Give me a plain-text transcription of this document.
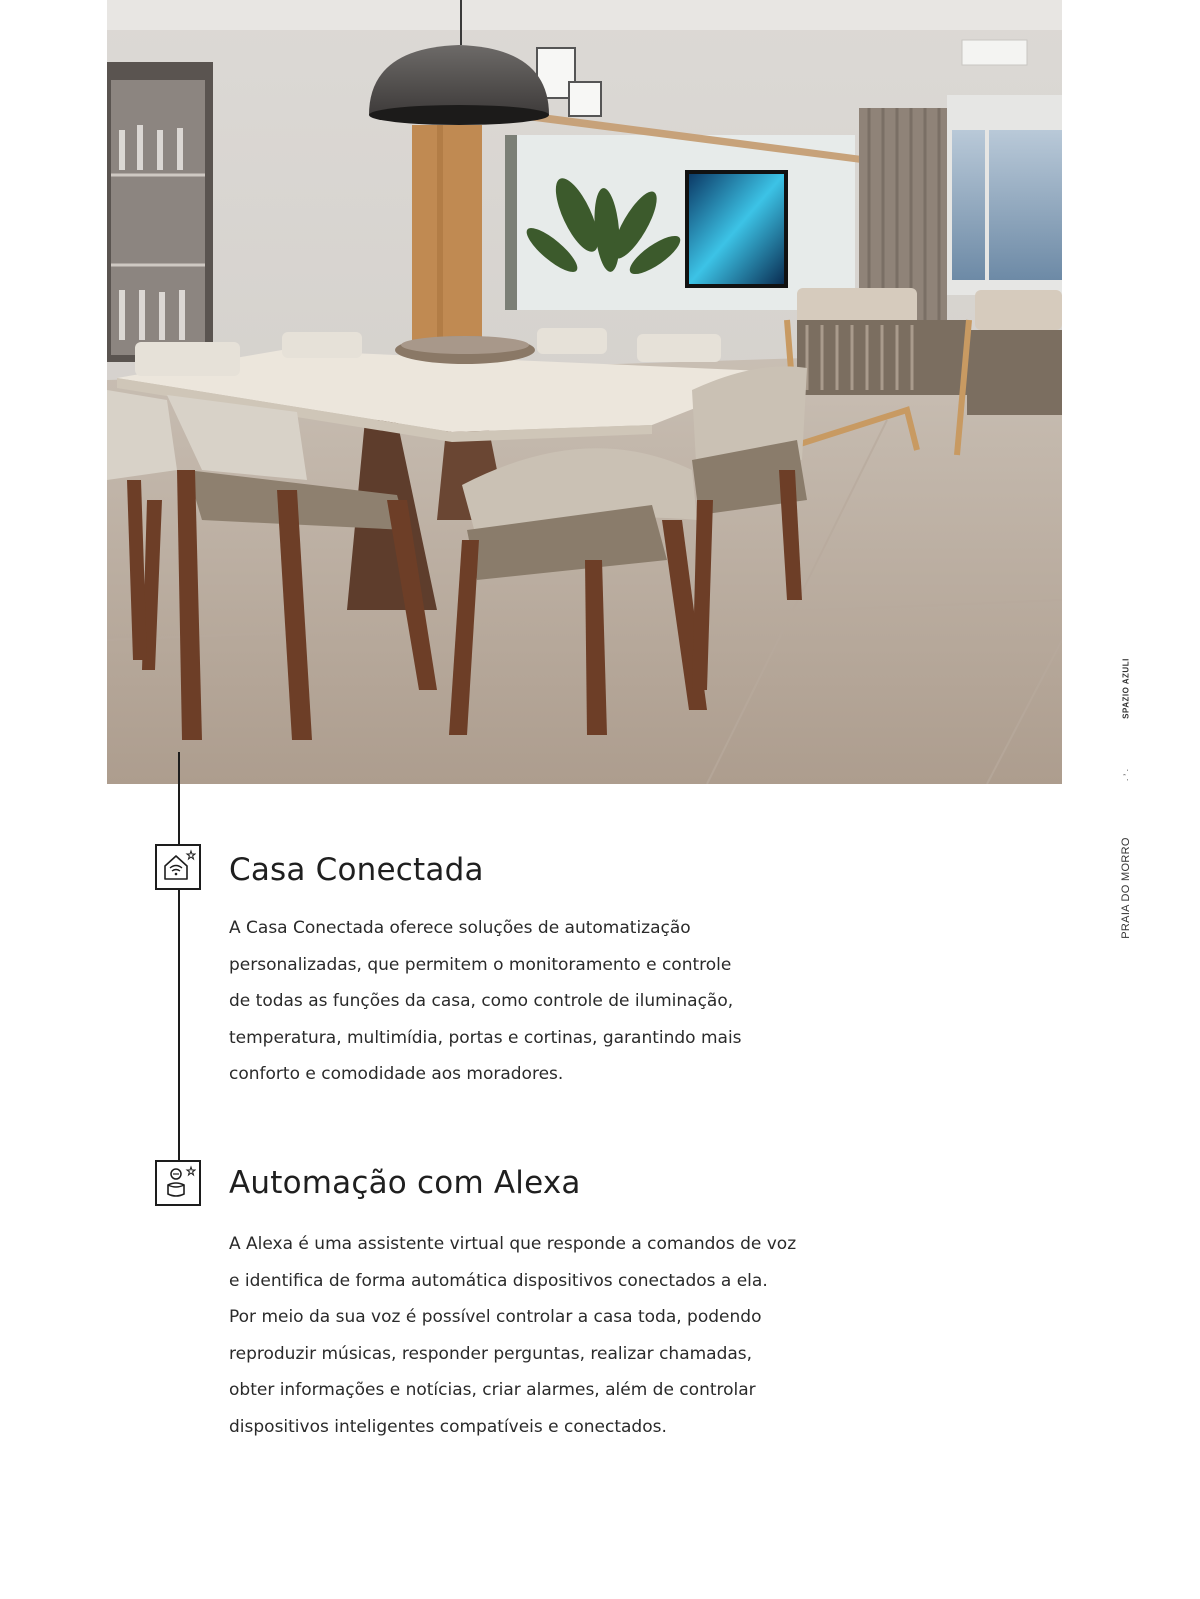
SPAZIO AZULI
· ’ ·
PRAIA DO MORRO
Casa Conectada

A Casa Conectada oferece soluções de automatização
personalizadas, que permitem o monitoramento e controle
de todas as funções da casa, como controle de iluminação,
temperatura, multimídia, portas e cortinas, garantindo mais
conforto e comodidade aos moradores.

Automação com Alexa

A Alexa é uma assistente virtual que responde a comandos de voz
e identifica de forma automática dispositivos conectados a ela.
Por meio da sua voz é possível controlar a casa toda, podendo
reproduzir músicas, responder perguntas, realizar chamadas,
obter informações e notícias, criar alarmes, além de controlar
dispositivos inteligentes compatíveis e conectados.
